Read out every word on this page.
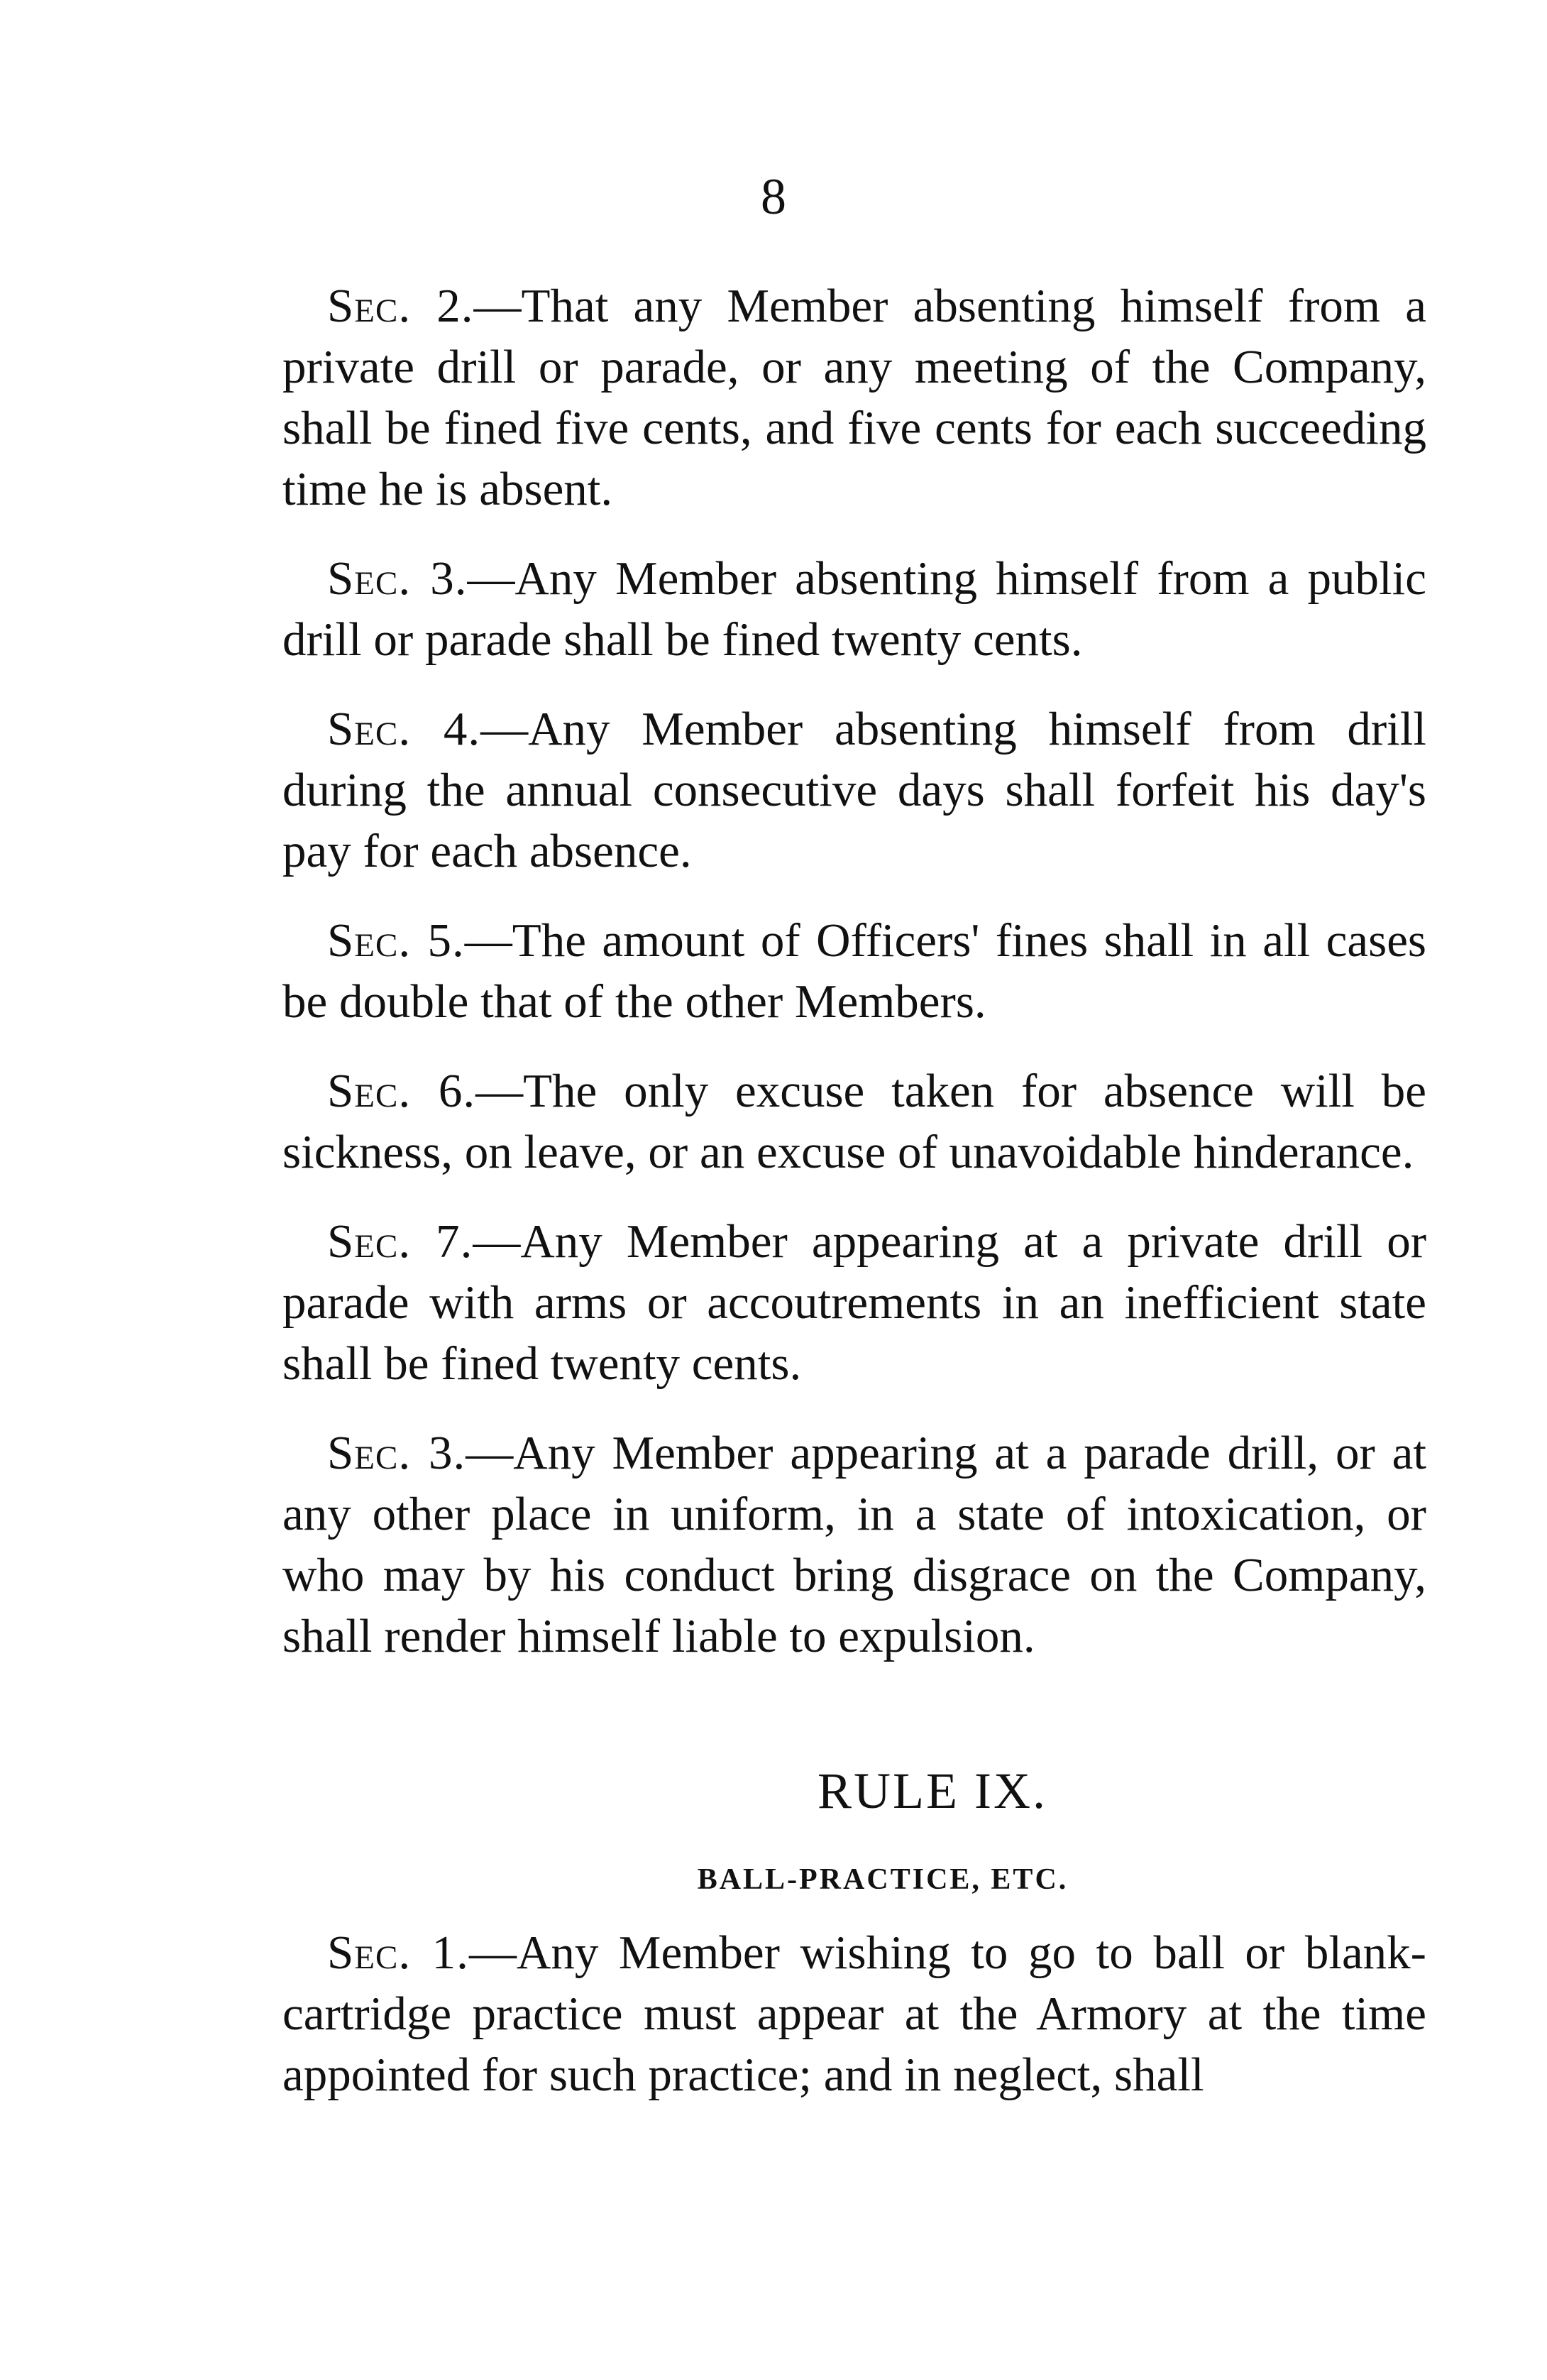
8

Sec. 2.—That any Member absenting himself from a private drill or parade, or any meeting of the Company, shall be fined five cents, and five cents for each succeeding time he is absent.

Sec. 3.—Any Member absenting himself from a public drill or parade shall be fined twenty cents.

Sec. 4.—Any Member absenting himself from drill during the annual consecutive days shall forfeit his day's pay for each absence.

Sec. 5.—The amount of Officers' fines shall in all cases be double that of the other Members.

Sec. 6.—The only excuse taken for absence will be sickness, on leave, or an excuse of unavoidable hinderance.

Sec. 7.—Any Member appearing at a private drill or parade with arms or accoutrements in an inefficient state shall be fined twenty cents.

Sec. 3.—Any Member appearing at a parade drill, or at any other place in uniform, in a state of intoxication, or who may by his conduct bring disgrace on the Company, shall render himself liable to expulsion.

RULE IX.
BALL-PRACTICE, ETC.

Sec. 1.—Any Member wishing to go to ball or blank-cartridge practice must appear at the Armory at the time appointed for such practice; and in neglect, shall
